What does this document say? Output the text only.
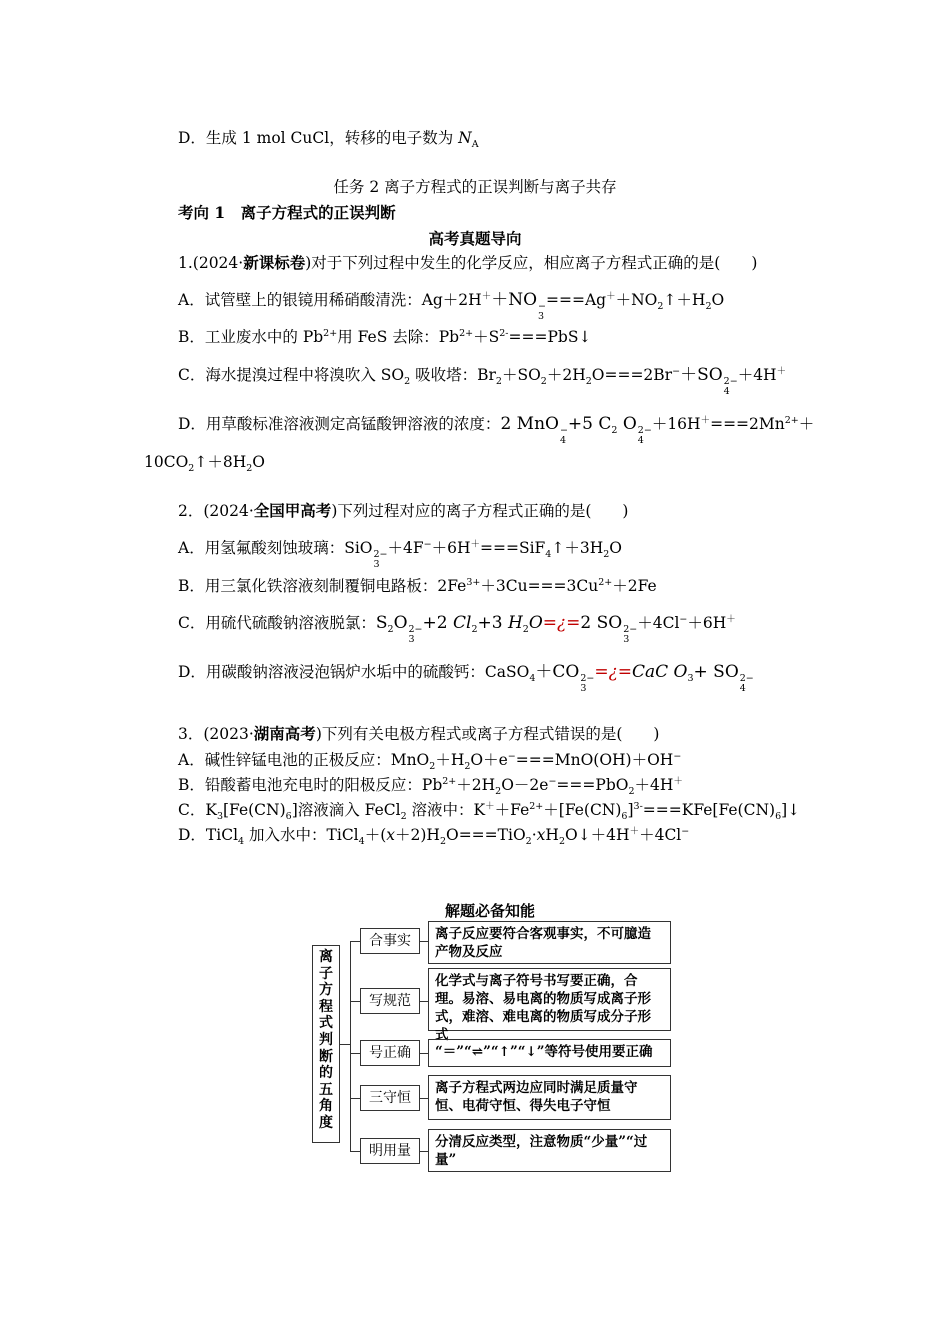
D．生成 1 mol CuCl，转移的电子数为 $N_A$
任务 2 离子方程式的正误判断与离子共存
考向 1　离子方程式的正误判断
高考真题导向
1.(2024·新课标卷)对于下列过程中发生的化学反应，相应离子方程式正确的是(　　)
A．试管壁上的银镜用稀硝酸清洗：Ag＋2H＋＋NO −
3
$===Ag^++NO_2↑+H_2O$
B．工业废水中的 $Pb^{2+}$用 FeS 去除：$Pb^{2+}+S^{2-}===PbS↓$
C．海水提溴过程中将溴吹入 $SO_2$ 吸收塔：$Br_2+SO_2+2H_2O===2Br^-+SO$ 2−
4
＋4H＋
D．用草酸标准溶液测定高锰酸钾溶液的浓度：2 MnO −
4
+5 $C_2$ O 2−
4
$+16H^+===2Mn^{2+}+$
$10CO_2↑+8H_2O$
2．(2024·全国甲高考)下列过程对应的离子方程式正确的是(　　)
A．用氢氟酸刻蚀玻璃：SiO 2−
3
$+4F^-+6H^+===SiF_4↑+3H_2O$
B．用三氯化铁溶液刻制覆铜电路板：$2Fe^{3+}+3Cu===3Cu^{2+}+2Fe$
C．用硫代硫酸钠溶液脱氯：$S_2O$ 2−
3
+2 $Cl_2+3$ $H_2O=¿=2$ SO 2−
3
＋4Cl−＋6H＋
D．用碳酸钠溶液浸泡锅炉水垢中的硫酸钙：CaSO$_4$＋CO 2−
3
=¿=CaC $O_3+$ SO 2−
4
3．(2023·湖南高考)下列有关电极方程式或离子方程式错误的是(　　)
A．碱性锌锰电池的正极反应：$MnO_2+H_2O+e^-===MnO(OH)+OH^-$
B．铅酸蓄电池充电时的阳极反应：$Pb^{2+}+2H_2O-2e^-===PbO_2+4H^+$
C．$K_3[Fe(CN)_6]$溶液滴入 FeCl$_2$ 溶液中：$K^++Fe^{2+}+[Fe(CN)_6]^{3-}===KFe[Fe(CN)_6]↓$
D．TiCl$_4$ 加入水中：$TiCl_4+(x+2)H_2O===TiO_2\cdot xH_2O↓+4H^++4Cl^-$
解题必备知能
离
子
方
程
式
判
断
的
五
角
度
合事实	离子反应要符合客观事实，不可臆造产物及反应
写规范
化学式与离子符号书写要正确，合理。易溶、易电离的物质写成离子形式，难溶、难电离的物质写成分子形式
号正确	“＝”“⇌”“↑”“↓”等符号使用要正确
三守恒
离子方程式两边应同时满足质量守恒、电荷守恒、得失电子守恒
明用量
分清反应类型，注意物质“少量”“过量”
